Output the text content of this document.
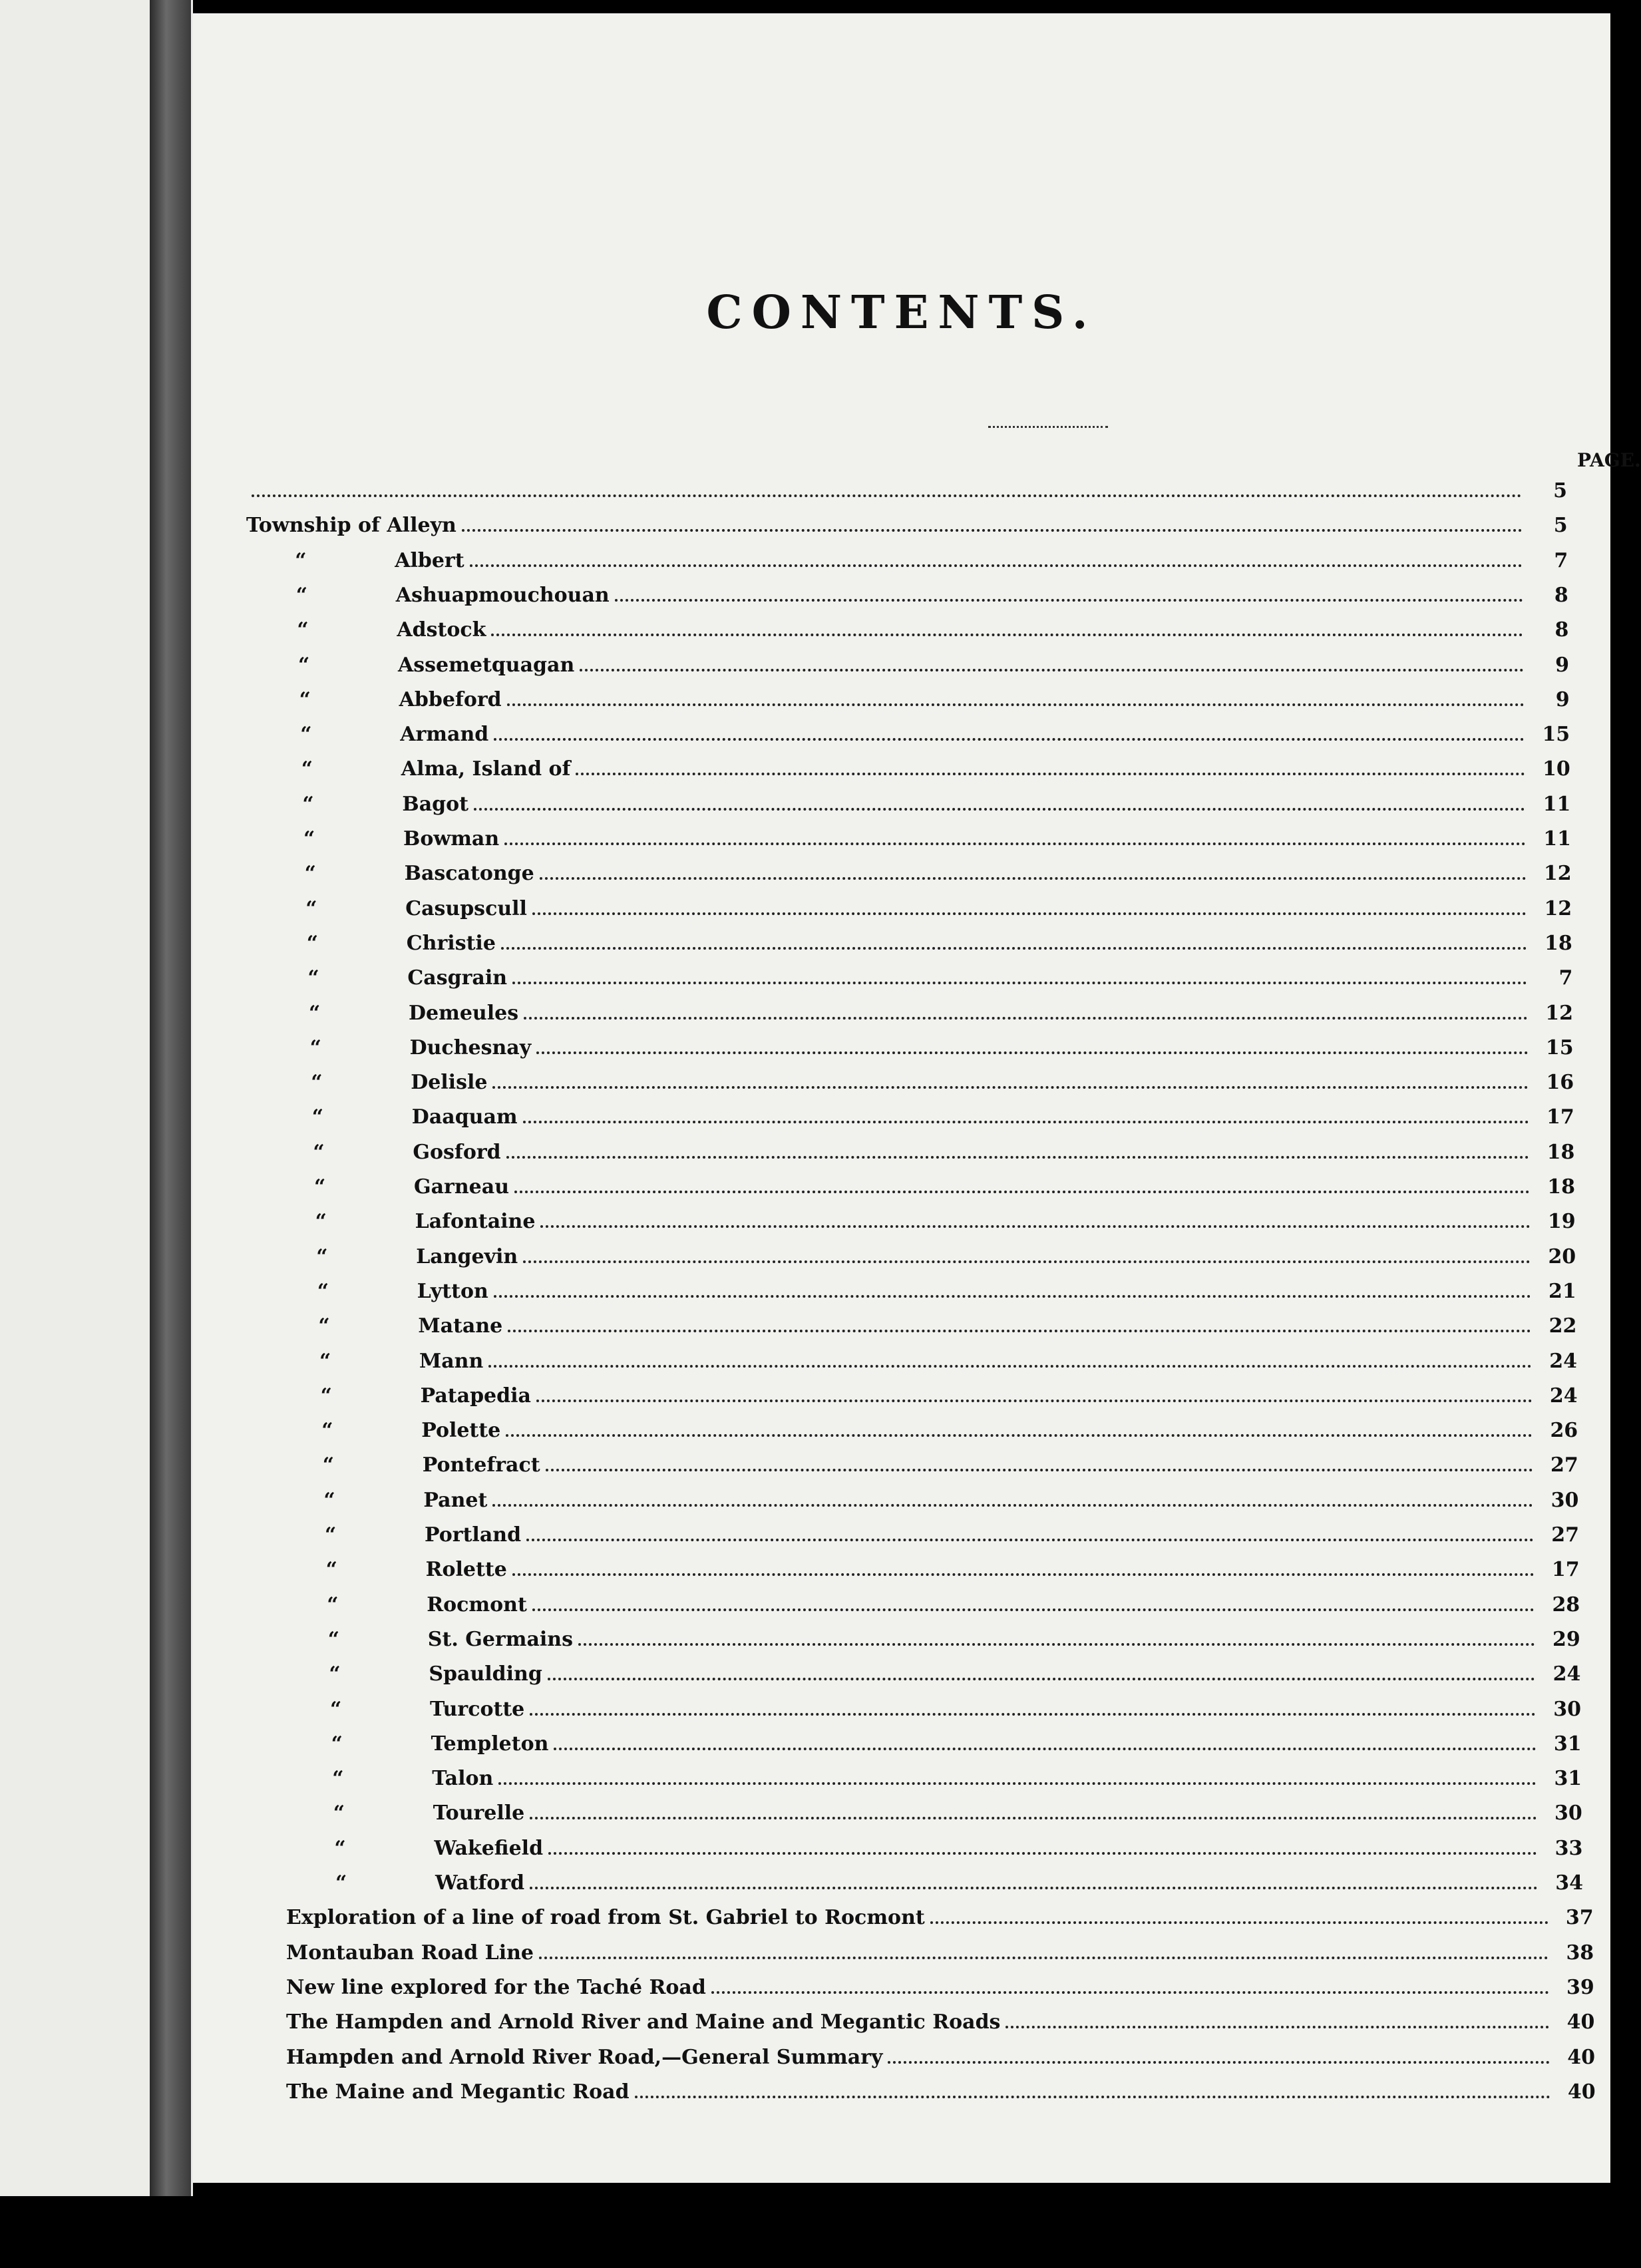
CONTENTS.
PAGE.
5
Township of Alleyn	5
“	Albert	7
“	Ashuapmouchouan	8
“	Adstock	8
“	Assemetquagan	9
“	Abbeford	9
“	Armand	15
“	Alma, Island of	10
“	Bagot	11
“	Bowman	11
“	Bascatonge	12
“	Casupscull	12
“	Christie	18
“	Casgrain	7
“	Demeules	12
“	Duchesnay	15
“	Delisle	16
“	Daaquam	17
“	Gosford	18
“	Garneau	18
“	Lafontaine	19
“	Langevin	20
“	Lytton	21
“	Matane	22
“	Mann	24
“	Patapedia	24
“	Polette	26
“	Pontefract	27
“	Panet	30
“	Portland	27
“	Rolette	17
“	Rocmont	28
“	St. Germains	29
“	Spaulding	24
“	Turcotte	30
“	Templeton	31
“	Talon	31
“	Tourelle	30
“	Wakefield	33
“	Watford	34
Exploration of a line of road from St. Gabriel to Rocmont	37
Montauban Road Line	38
New line explored for the Taché Road	39
The Hampden and Arnold River and Maine and Megantic Roads	40
Hampden and Arnold River Road,—General Summary	40
The Maine and Megantic Road	40
